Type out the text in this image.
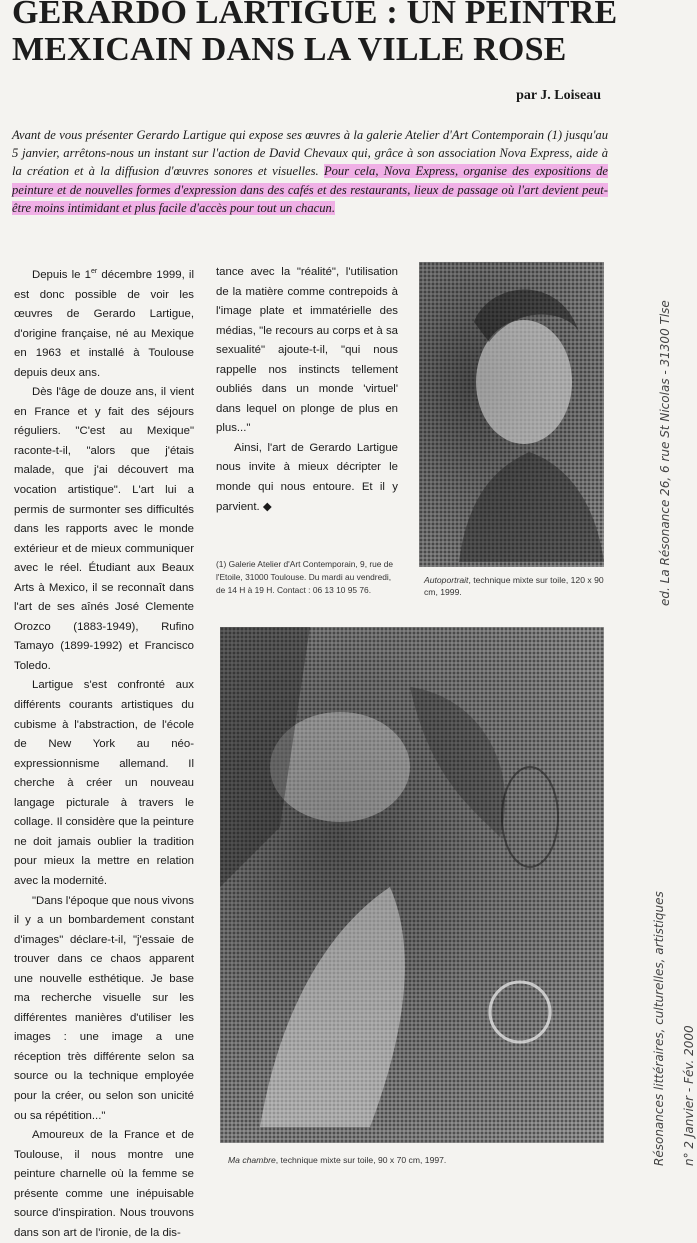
GERARDO LARTIGUE : UN PEINTRE
MEXICAIN DANS LA VILLE ROSE
par J. Loiseau

Avant de vous présenter Gerardo Lartigue qui expose ses œuvres à la galerie Atelier d'Art Contemporain (1) jusqu'au 5 janvier, arrêtons-nous un instant sur l'action de David Chevaux qui, grâce à son association Nova Express, aide à la création et à la diffusion d'œuvres sonores et visuelles. Pour cela, Nova Express, organise des expositions de peinture et de nouvelles formes d'expression dans des cafés et des restaurants, lieux de passage où l'art devient peut-être moins intimidant et plus facile d'accès pour tout un chacun.

Depuis le 1er décembre 1999, il est donc possible de voir les œuvres de Gerardo Lartigue, d'origine française, né au Mexique en 1963 et installé à Toulouse depuis deux ans.

Dès l'âge de douze ans, il vient en France et y fait des séjours réguliers. "C'est au Mexique" raconte-t-il, "alors que j'étais malade, que j'ai découvert ma vocation artistique". L'art lui a permis de surmonter ses difficultés dans les rapports avec le monde extérieur et de mieux communiquer avec le réel. Étudiant aux Beaux Arts à Mexico, il se reconnaît dans l'art de ses aînés José Clemente Orozco (1883-1949), Rufino Tamayo (1899-1992) et Francisco Toledo.

Lartigue s'est confronté aux différents courants artistiques du cubisme à l'abstraction, de l'école de New York au néo-expressionnisme allemand. Il cherche à créer un nouveau langage picturale à travers le collage. Il considère que la peinture ne doit jamais oublier la tradition pour mieux la mettre en relation avec la modernité.

"Dans l'époque que nous vivons il y a un bombardement constant d'images" déclare-t-il, "j'essaie de trouver dans ce chaos apparent une nouvelle esthétique. Je base ma recherche visuelle sur les différentes manières d'utiliser les images : une image a une réception très différente selon sa source ou la technique employée pour la créer, ou selon son unicité ou sa répétition..."

Amoureux de la France et de Toulouse, il nous montre une peinture charnelle où la femme se présente comme une inépuisable source d'inspiration. Nous trouvons dans son art de l'ironie, de la dis-

tance avec la "réalité", l'utilisation de la matière comme contrepoids à l'image plate et immatérielle des médias, "le recours au corps et à sa sexualité" ajoute-t-il, "qui nous rappelle nos instincts tellement oubliés dans un monde 'virtuel' dans lequel on plonge de plus en plus..."

Ainsi, l'art de Gerardo Lartigue nous invite à mieux décripter le monde qui nous entoure. Et il y parvient. ◆

(1) Galerie Atelier d'Art Contemporain, 9, rue de l'Etoile, 31000 Toulouse. Du mardi au vendredi, de 14 H à 19 H. Contact : 06 13 10 95 76.
Autoportrait, technique mixte sur toile, 120 x 90 cm, 1999.
Ma chambre, technique mixte sur toile, 90 x 70 cm, 1997.
ed. La Résonance 26, 6 rue St Nicolas - 31300 Tlse
n° 2 Janvier - Fév. 2000
Résonances littéraires, culturelles, artistiques
